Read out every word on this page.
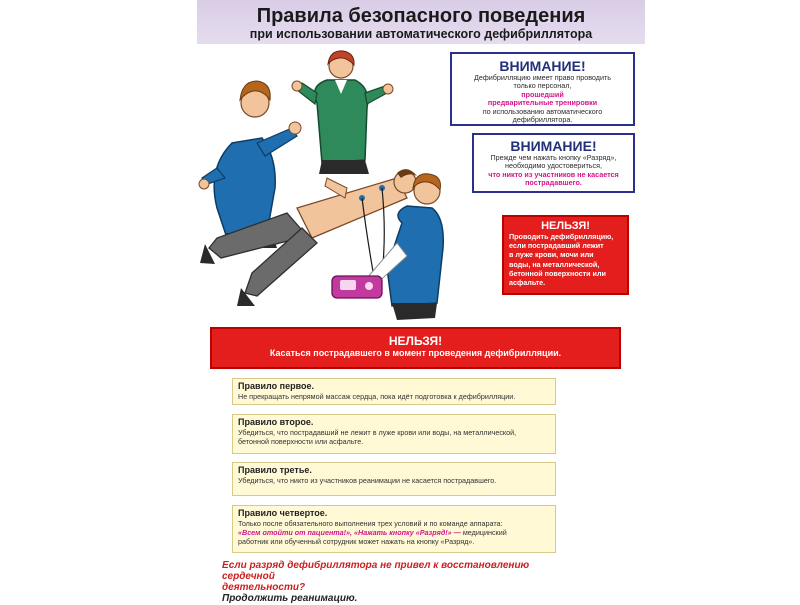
Правила безопасного поведения
при использовании автоматического дефибриллятора
ВНИМАНИЕ!
Дефибрилляцию имеет право проводить
только персонал,
прошедший
предварительные тренировки
по использованию автоматического
дефибриллятора.
ВНИМАНИЕ!
Прежде чем нажать кнопку «Разряд»,
необходимо удостовериться,
что никто из участников не касается
пострадавшего.
НЕЛЬЗЯ!
Проводить дефибрилляцию,
если пострадавший лежит
в луже крови, мочи или
воды, на металлической,
бетонной поверхности или
асфальте.
НЕЛЬЗЯ!
Касаться пострадавшего в момент проведения дефибрилляции.
Правило первое.
Не прекращать непрямой массаж сердца, пока идёт подготовка к дефибрилляции.
Правило второе.
Убедиться, что пострадавший не лежит в луже крови или воды, на металлической,
бетонной поверхности или асфальте.
Правило третье.
Убедиться, что никто из участников реанимации не касается пострадавшего.
Правило четвертое.
Только после обязательного выполнения трех условий и по команде аппарата:
«Всем отойти от пациента!», «Нажать кнопку «Разряд!» — медицинский
работник или обученный сотрудник может нажать на кнопку «Разряд».
Если разряд дефибриллятора не привел к восстановлению сердечной
деятельности?
Продолжить реанимацию.
